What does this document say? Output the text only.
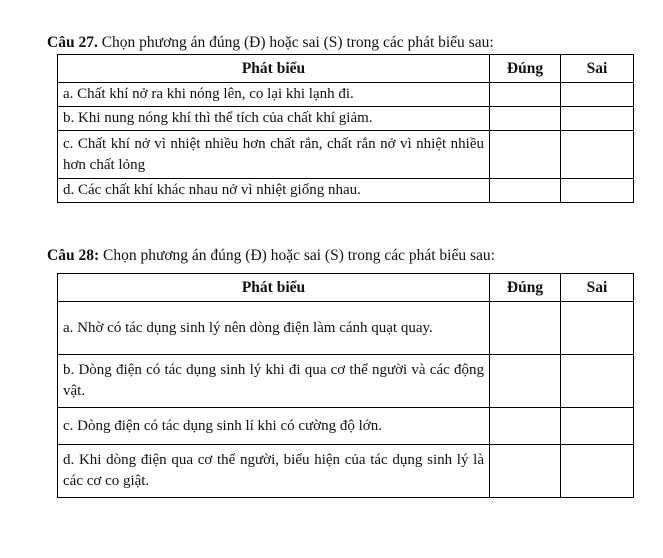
Câu 27. Chọn phương án đúng (Đ) hoặc sai (S) trong các phát biểu sau:
Phát biểu	Đúng	Sai
a. Chất khí nở ra khi nóng lên, co lại khi lạnh đi.		
b. Khi nung nóng khí thì thể tích của chất khí giảm.		
c. Chất khí nở vì nhiệt nhiều hơn chất rắn, chất rắn nở vì nhiệt nhiều hơn chất lỏng		
d. Các chất khí khác nhau nở vì nhiệt giống nhau.		
Câu 28: Chọn phương án đúng (Đ) hoặc sai (S) trong các phát biểu sau:
Phát biểu	Đúng	Sai
a. Nhờ có tác dụng sinh lý nên dòng điện làm cánh quạt quay.		
b. Dòng điện có tác dụng sinh lý khi đi qua cơ thể người và các động vật.		
c. Dòng điện có tác dụng sinh lí khi có cường độ lớn.		
d. Khi dòng điện qua cơ thể người, biểu hiện của tác dụng sinh lý là các cơ co giật.		
